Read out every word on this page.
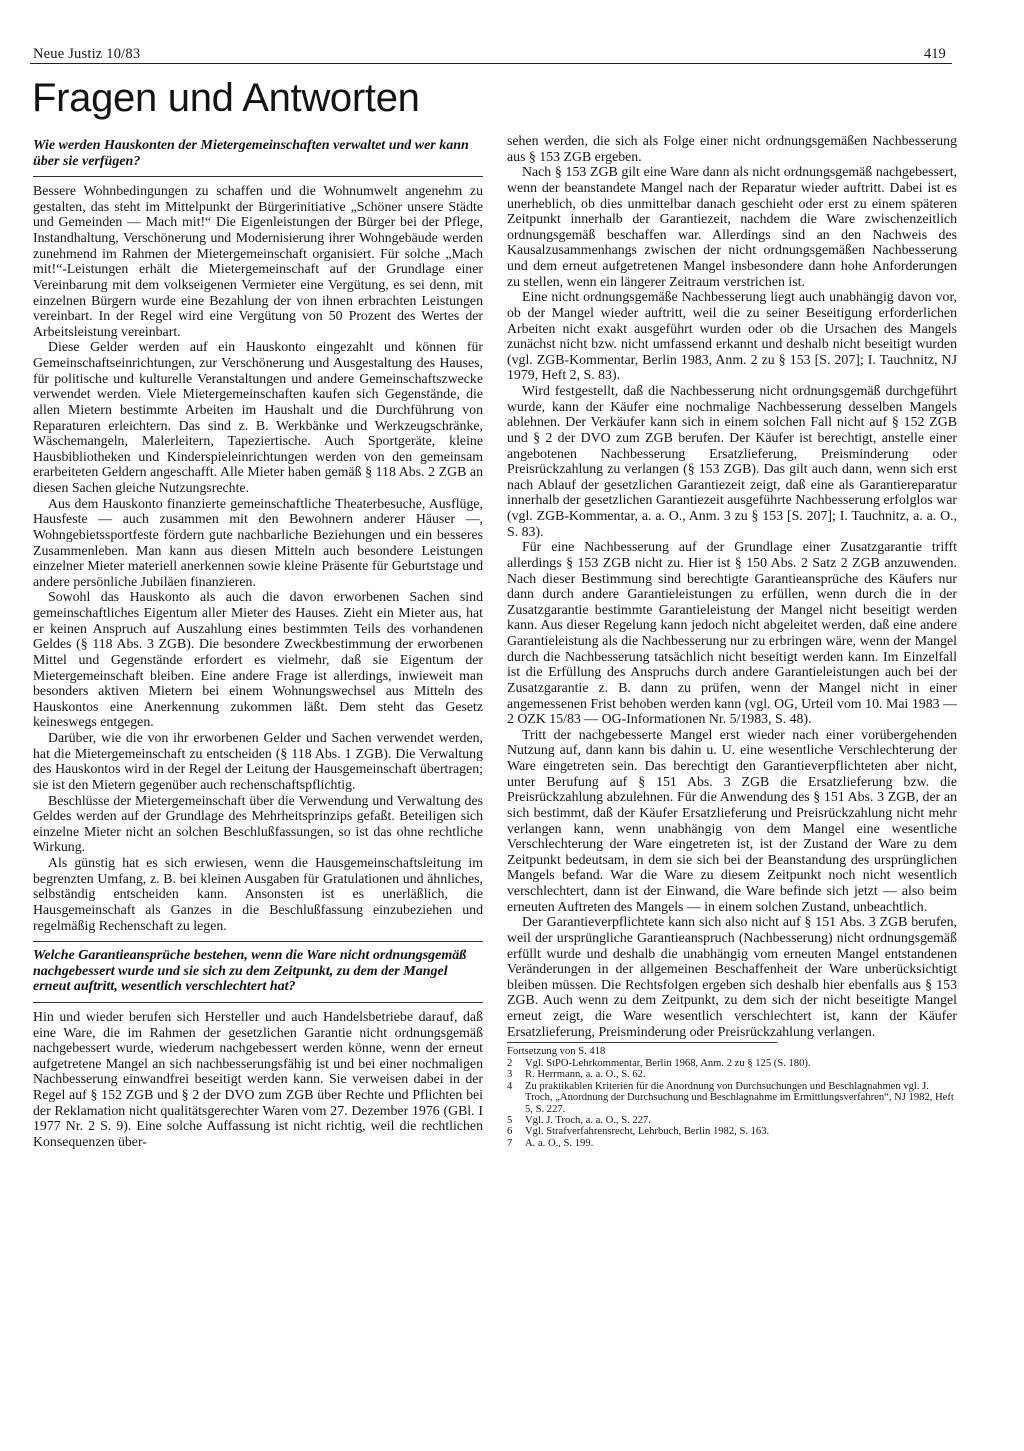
Neue Justiz 10/83	419
Fragen und Antworten

Wie werden Hauskonten der Mietergemeinschaften verwaltet und wer kann über sie verfügen?

Bessere Wohnbedingungen zu schaffen und die Wohnumwelt angenehm zu gestalten, das steht im Mittelpunkt der Bürgerinitiative „Schöner unsere Städte und Gemeinden — Mach mit!“ Die Eigenleistungen der Bürger bei der Pflege, Instandhaltung, Verschönerung und Modernisierung ihrer Wohngebäude werden zunehmend im Rahmen der Mietergemeinschaft organisiert. Für solche „Mach mit!“-Leistungen erhält die Mietergemeinschaft auf der Grundlage einer Vereinbarung mit dem volkseigenen Vermieter eine Vergütung, es sei denn, mit einzelnen Bürgern wurde eine Bezahlung der von ihnen erbrachten Leistungen vereinbart. In der Regel wird eine Vergütung von 50 Prozent des Wertes der Arbeitsleistung vereinbart.

Diese Gelder werden auf ein Hauskonto eingezahlt und können für Gemeinschaftseinrichtungen, zur Verschönerung und Ausgestaltung des Hauses, für politische und kulturelle Veranstaltungen und andere Gemeinschaftszwecke verwendet werden. Viele Mietergemeinschaften kaufen sich Gegenstände, die allen Mietern bestimmte Arbeiten im Haushalt und die Durchführung von Reparaturen erleichtern. Das sind z. B. Werkbänke und Werkzeugschränke, Wäschemangeln, Malerleitern, Tapeziertische. Auch Sportgeräte, kleine Hausbibliotheken und Kinderspieleinrichtungen werden von den gemeinsam erarbeiteten Geldern angeschafft. Alle Mieter haben gemäß § 118 Abs. 2 ZGB an diesen Sachen gleiche Nutzungsrechte.

Aus dem Hauskonto finanzierte gemeinschaftliche Theaterbesuche, Ausflüge, Hausfeste — auch zusammen mit den Bewohnern anderer Häuser —, Wohngebietssportfeste fördern gute nachbarliche Beziehungen und ein besseres Zusammenleben. Man kann aus diesen Mitteln auch besondere Leistungen einzelner Mieter materiell anerkennen sowie kleine Präsente für Geburtstage und andere persönliche Jubiläen finanzieren.

Sowohl das Hauskonto als auch die davon erworbenen Sachen sind gemeinschaftliches Eigentum aller Mieter des Hauses. Zieht ein Mieter aus, hat er keinen Anspruch auf Auszahlung eines bestimmten Teils des vorhandenen Geldes (§ 118 Abs. 3 ZGB). Die besondere Zweckbestimmung der erworbenen Mittel und Gegenstände erfordert es vielmehr, daß sie Eigentum der Mietergemeinschaft bleiben. Eine andere Frage ist allerdings, inwieweit man besonders aktiven Mietern bei einem Wohnungswechsel aus Mitteln des Hauskontos eine Anerkennung zukommen läßt. Dem steht das Gesetz keineswegs entgegen.

Darüber, wie die von ihr erworbenen Gelder und Sachen verwendet werden, hat die Mietergemeinschaft zu entscheiden (§ 118 Abs. 1 ZGB). Die Verwaltung des Hauskontos wird in der Regel der Leitung der Hausgemeinschaft übertragen; sie ist den Mietern gegenüber auch rechenschaftspflichtig.

Beschlüsse der Mietergemeinschaft über die Verwendung und Verwaltung des Geldes werden auf der Grundlage des Mehrheitsprinzips gefaßt. Beteiligen sich einzelne Mieter nicht an solchen Beschlußfassungen, so ist das ohne rechtliche Wirkung.

Als günstig hat es sich erwiesen, wenn die Hausgemeinschaftsleitung im begrenzten Umfang, z. B. bei kleinen Ausgaben für Gratulationen und ähnliches, selbständig entscheiden kann. Ansonsten ist es unerläßlich, die Hausgemeinschaft als Ganzes in die Beschlußfassung einzubeziehen und regelmäßig Rechenschaft zu legen.

Welche Garantieansprüche bestehen, wenn die Ware nicht ordnungsgemäß nachgebessert wurde und sie sich zu dem Zeitpunkt, zu dem der Mangel erneut auftritt, wesentlich verschlechtert hat?

Hin und wieder berufen sich Hersteller und auch Handelsbetriebe darauf, daß eine Ware, die im Rahmen der gesetzlichen Garantie nicht ordnungsgemäß nachgebessert wurde, wiederum nachgebessert werden könne, wenn der erneut aufgetretene Mangel an sich nachbesserungsfähig ist und bei einer nochmaligen Nachbesserung einwandfrei beseitigt werden kann. Sie verweisen dabei in der Regel auf § 152 ZGB und § 2 der DVO zum ZGB über Rechte und Pflichten bei der Reklamation nicht qualitätsgerechter Waren vom 27. Dezember 1976 (GBl. I 1977 Nr. 2 S. 9). Eine solche Auffassung ist nicht richtig, weil die rechtlichen Konsequenzen über-

sehen werden, die sich als Folge einer nicht ordnungsgemäßen Nachbesserung aus § 153 ZGB ergeben.

Nach § 153 ZGB gilt eine Ware dann als nicht ordnungsgemäß nachgebessert, wenn der beanstandete Mangel nach der Reparatur wieder auftritt. Dabei ist es unerheblich, ob dies unmittelbar danach geschieht oder erst zu einem späteren Zeitpunkt innerhalb der Garantiezeit, nachdem die Ware zwischenzeitlich ordnungsgemäß beschaffen war. Allerdings sind an den Nachweis des Kausalzusammenhangs zwischen der nicht ordnungsgemäßen Nachbesserung und dem erneut aufgetretenen Mangel insbesondere dann hohe Anforderungen zu stellen, wenn ein längerer Zeitraum verstrichen ist.

Eine nicht ordnungsgemäße Nachbesserung liegt auch unabhängig davon vor, ob der Mangel wieder auftritt, weil die zu seiner Beseitigung erforderlichen Arbeiten nicht exakt ausgeführt wurden oder ob die Ursachen des Mangels zunächst nicht bzw. nicht umfassend erkannt und deshalb nicht beseitigt wurden (vgl. ZGB-Kommentar, Berlin 1983, Anm. 2 zu § 153 [S. 207]; I. Tauchnitz, NJ 1979, Heft 2, S. 83).

Wird festgestellt, daß die Nachbesserung nicht ordnungsgemäß durchgeführt wurde, kann der Käufer eine nochmalige Nachbesserung desselben Mangels ablehnen. Der Verkäufer kann sich in einem solchen Fall nicht auf § 152 ZGB und § 2 der DVO zum ZGB berufen. Der Käufer ist berechtigt, anstelle einer angebotenen Nachbesserung Ersatzlieferung, Preisminderung oder Preisrückzahlung zu verlangen (§ 153 ZGB). Das gilt auch dann, wenn sich erst nach Ablauf der gesetzlichen Garantiezeit zeigt, daß eine als Garantiereparatur innerhalb der gesetzlichen Garantiezeit ausgeführte Nachbesserung erfolglos war (vgl. ZGB-Kommentar, a. a. O., Anm. 3 zu § 153 [S. 207]; I. Tauchnitz, a. a. O., S. 83).

Für eine Nachbesserung auf der Grundlage einer Zusatzgarantie trifft allerdings § 153 ZGB nicht zu. Hier ist § 150 Abs. 2 Satz 2 ZGB anzuwenden. Nach dieser Bestimmung sind berechtigte Garantieansprüche des Käufers nur dann durch andere Garantieleistungen zu erfüllen, wenn durch die in der Zusatzgarantie bestimmte Garantieleistung der Mangel nicht beseitigt werden kann. Aus dieser Regelung kann jedoch nicht abgeleitet werden, daß eine andere Garantieleistung als die Nachbesserung nur zu erbringen wäre, wenn der Mangel durch die Nachbesserung tatsächlich nicht beseitigt werden kann. Im Einzelfall ist die Erfüllung des Anspruchs durch andere Garantieleistungen auch bei der Zusatzgarantie z. B. dann zu prüfen, wenn der Mangel nicht in einer angemessenen Frist behoben werden kann (vgl. OG, Urteil vom 10. Mai 1983 — 2 OZK 15/83 — OG-Informationen Nr. 5/1983, S. 48).

Tritt der nachgebesserte Mangel erst wieder nach einer vorübergehenden Nutzung auf, dann kann bis dahin u. U. eine wesentliche Verschlechterung der Ware eingetreten sein. Das berechtigt den Garantieverpflichteten aber nicht, unter Berufung auf § 151 Abs. 3 ZGB die Ersatzlieferung bzw. die Preisrückzahlung abzulehnen. Für die Anwendung des § 151 Abs. 3 ZGB, der an sich bestimmt, daß der Käufer Ersatzlieferung und Preisrückzahlung nicht mehr verlangen kann, wenn unabhängig von dem Mangel eine wesentliche Verschlechterung der Ware eingetreten ist, ist der Zustand der Ware zu dem Zeitpunkt bedeutsam, in dem sie sich bei der Beanstandung des ursprünglichen Mangels befand. War die Ware zu diesem Zeitpunkt noch nicht wesentlich verschlechtert, dann ist der Einwand, die Ware befinde sich jetzt — also beim erneuten Auftreten des Mangels — in einem solchen Zustand, unbeachtlich.

Der Garantieverpflichtete kann sich also nicht auf § 151 Abs. 3 ZGB berufen, weil der ursprüngliche Garantieanspruch (Nachbesserung) nicht ordnungsgemäß erfüllt wurde und deshalb die unabhängig vom erneuten Mangel entstandenen Veränderungen in der allgemeinen Beschaffenheit der Ware unberücksichtigt bleiben müssen. Die Rechtsfolgen ergeben sich deshalb hier ebenfalls aus § 153 ZGB. Auch wenn zu dem Zeitpunkt, zu dem sich der nicht beseitigte Mangel erneut zeigt, die Ware wesentlich verschlechtert ist, kann der Käufer Ersatzlieferung, Preisminderung oder Preisrückzahlung verlangen.

Fortsetzung von S. 418

2 Vgl. StPO-Lehrkommentar, Berlin 1968, Anm. 2 zu § 125 (S. 180).

3 R. Herrmann, a. a. O., S. 62.

4 Zu praktikablen Kriterien für die Anordnung von Durchsuchungen und Beschlagnahmen vgl. J. Troch, „Anordnung der Durchsuchung und Beschlagnahme im Ermittlungsverfahren“, NJ 1982, Heft 5, S. 227.

5 Vgl. J. Troch, a. a. O., S. 227.

6 Vgl. Strafverfahrensrecht, Lehrbuch, Berlin 1982, S. 163.

7 A. a. O., S. 199.
